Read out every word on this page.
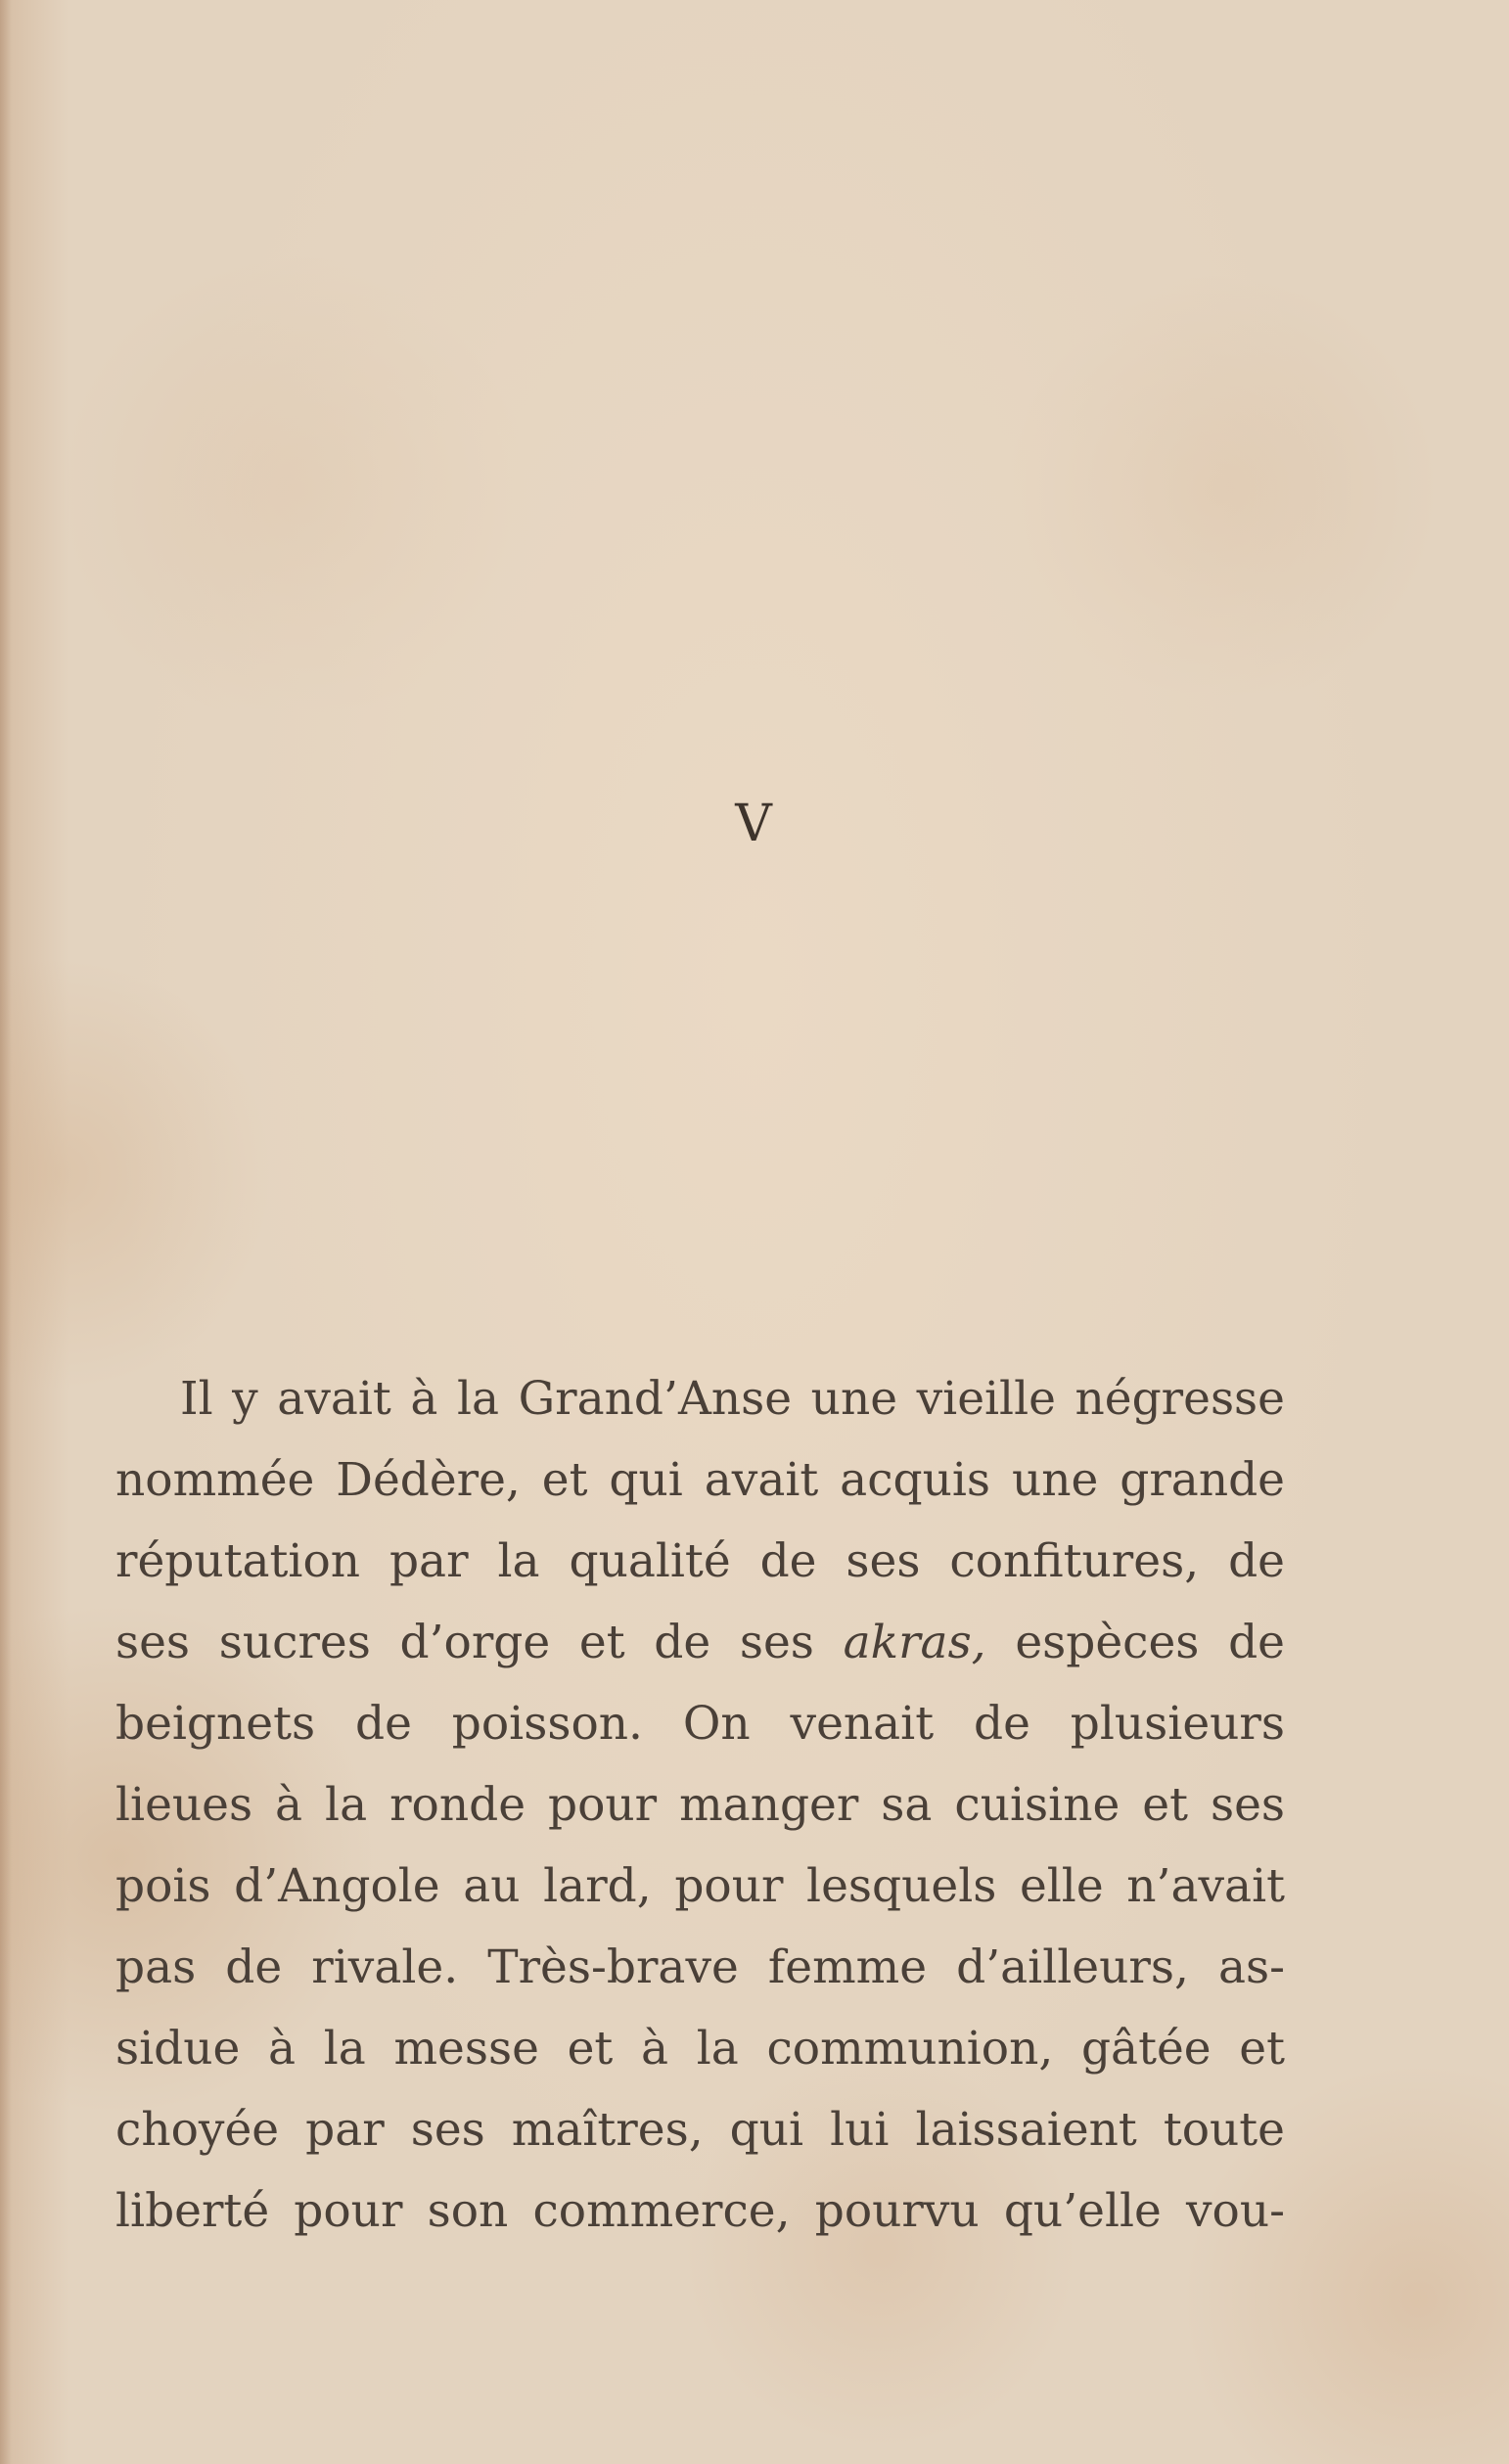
V
Il y avait à la Grand’Anse une vieille négresse
nommée Dédère, et qui avait acquis une grande
réputation par la qualité de ses confitures, de
ses sucres d’orge et de ses akras, espèces de
beignets de poisson. On venait de plusieurs
lieues à la ronde pour manger sa cuisine et ses
pois d’Angole au lard, pour lesquels elle n’avait
pas de rivale. Très-brave femme d’ailleurs, as-
sidue à la messe et à la communion, gâtée et
choyée par ses maîtres, qui lui laissaient toute
liberté pour son commerce, pourvu qu’elle vou-
